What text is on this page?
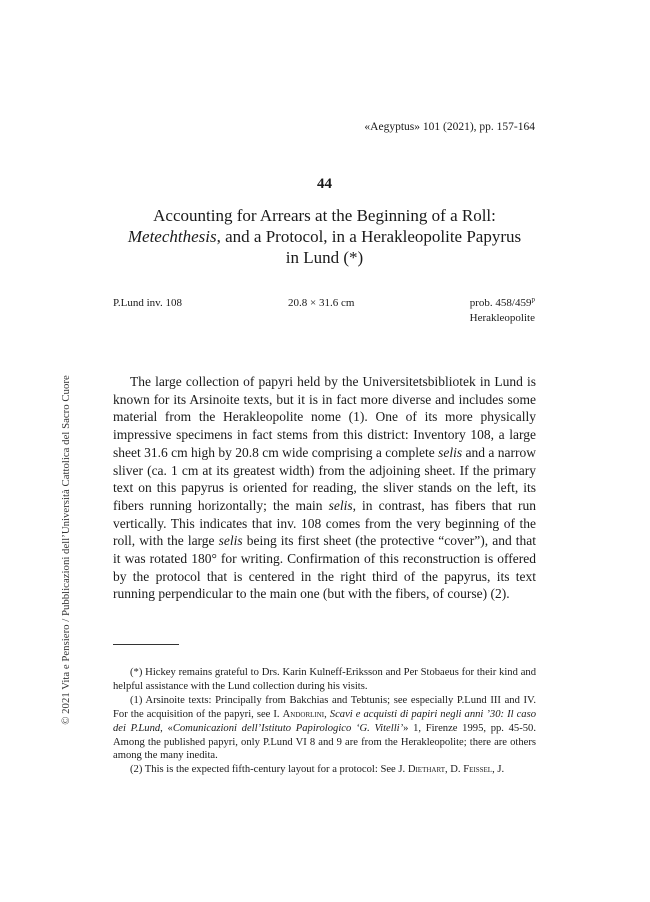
© 2021 Vita e Pensiero / Pubblicazioni dell’Università Cattolica del Sacro Cuore
«Aegyptus» 101 (2021), pp. 157-164
44
Accounting for Arrears at the Beginning of a Roll:
Metechthesis, and a Protocol, in a Herakleopolite Papyrus
in Lund (*)
P.Lund inv. 108	20.8 × 31.6 cm	prob. 458/459$^p$
Herakleopolite

The large collection of papyri held by the Universitetsbibliotek in Lund is known for its Arsinoite texts, but it is in fact more diverse and includes some material from the Herakleopolite nome (1). One of its more physically impressive specimens in fact stems from this district: Inventory 108, a large sheet 31.6 cm high by 20.8 cm wide comprising a complete selis and a narrow sliver (ca. 1 cm at its greatest width) from the adjoining sheet. If the primary text on this papyrus is oriented for reading, the sliver stands on the left, its fibers running horizontally; the main selis, in contrast, has fibers that run vertically. This indicates that inv. 108 comes from the very beginning of the roll, with the large selis being its first sheet (the protective “cover”), and that it was rotated 180° for writing. Confirmation of this reconstruction is offered by the protocol that is centered in the right third of the papyrus, its text running perpendicular to the main one (but with the fibers, of course) (2).

(*) Hickey remains grateful to Drs. Karin Kulneff-Eriksson and Per Stobaeus for their kind and helpful assistance with the Lund collection during his visits.

(1) Arsinoite texts: Principally from Bakchias and Tebtunis; see especially P.Lund III and IV. For the acquisition of the papyri, see I. Andorlini, Scavi e acquisti di papiri negli anni ’30: Il caso dei P.Lund, «Comunicazioni dell’Istituto Papirologico ‘G. Vitelli’» 1, Firenze 1995, pp. 45-50. Among the published papyri, only P.Lund VI 8 and 9 are from the Herakleopolite; there are others among the many inedita.

(2) This is the expected fifth-century layout for a protocol: See J. Diethart, D. Feissel, J.
